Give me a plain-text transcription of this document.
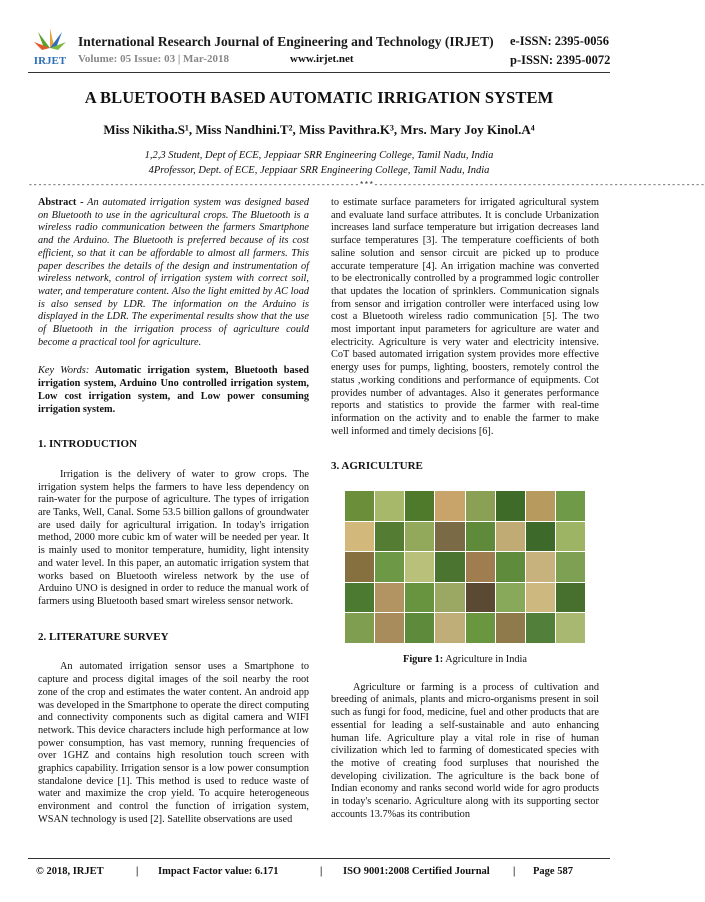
IRJET
International Research Journal of Engineering and Technology (IRJET) e-ISSN: 2395-0056
Volume: 05 Issue: 03 | Mar-2018	www.irjet.net	p-ISSN: 2395-0072
A BLUETOOTH BASED AUTOMATIC IRRIGATION SYSTEM
Miss Nikitha.S¹, Miss Nandhini.T², Miss Pavithra.K³, Mrs. Mary Joy Kinol.A⁴
1,2,3 Student, Dept of ECE, Jeppiaar SRR Engineering College, Tamil Nadu, India
4Professor, Dept. of ECE, Jeppiaar SRR Engineering College, Tamil Nadu, India
---------------------------------------------------------------------***---------------------------------------------------------------------

Abstract - An automated irrigation system was designed based on Bluetooth to use in the agricultural crops. The Bluetooth is a wireless radio communication between the farmers Smartphone and the Arduino. The Bluetooth is preferred because of its cost efficient, so that it can be affordable to almost all farmers. This paper describes the details of the design and instrumentation of wireless network, control of irrigation system with correct soil, water, and temperature content. Also the light emitted by AC load is also sensed by LDR. The information on the Arduino is displayed in the LDR. The experimental results show that the use of Bluetooth in the irrigation process of agriculture could become a practical tool for agriculture.

Key Words: Automatic irrigation system, Bluetooth based irrigation system, Arduino Uno controlled irrigation system, Low cost irrigation system, and Low power consuming irrigation system.

1. INTRODUCTION

Irrigation is the delivery of water to grow crops. The irrigation system helps the farmers to have less dependency on rain-water for the purpose of agriculture. The types of irrigation are Tanks, Well, Canal. Some 53.5 billion gallons of groundwater are used daily for agricultural irrigation. In today's irrigation method, 2000 more cubic km of water will be needed per year. It is mainly used to monitor temperature, humidity, light intensity and water level. In this paper, an automatic irrigation system that works based on Bluetooth wireless network by the use of Arduino UNO is designed in order to reduce the manual work of farmers using Bluetooth based smart wireless sensor network.

2. LITERATURE SURVEY

An automated irrigation sensor uses a Smartphone to capture and process digital images of the soil nearby the root zone of the crop and estimates the water content. An android app was developed in the Smartphone to operate the direct computing and connectivity components such as digital camera and WIFI network. This device characters include high performance at low power consumption, has vast memory, running frequencies of over 1GHZ and contains high resolution touch screen with graphics capability. Irrigation sensor is a low power consumption standalone device [1]. This method is used to reduce waste of water and maximize the crop yield. To acquire heterogeneous environment and control the function of irrigation system, WSAN technology is used [2]. Satellite observations are used

to estimate surface parameters for irrigated agricultural system and evaluate land surface attributes. It is conclude Urbanization increases land surface temperature but irrigation decreases land surface temperatures [3]. The temperature coefficients of both saline solution and sensor circuit are picked up to produce accurate temperature [4]. An irrigation machine was converted to be electronically controlled by a programmed logic controller that updates the location of sprinklers. Communication signals from sensor and irrigation controller were interfaced using low cost a Bluetooth wireless radio communication [5]. The two most important input parameters for agriculture are water and electricity. Agriculture is very water and electricity intensive. CoT based automated irrigation system provides more effective energy uses for pumps, lighting, boosters, remotely control the status ,working conditions and performance of equipments. Cot provides number of advantages. Also it generates performance reports and statistics to provide the farmer with real-time information on the activity and to enable the farmer to make well informed and timely decisions [6].

3. AGRICULTURE

Figure 1: Agriculture in India

Agriculture or farming is a process of cultivation and breeding of animals, plants and micro-organisms present in soil such as fungi for food, medicine, fuel and other products that are essential for leading a self-sustainable and auto enhancing human life. Agriculture play a vital role in rise of human civilization which led to farming of domesticated species with the motive of creating food surpluses that nourished the developing civilization. The agriculture is the back bone of Indian economy and ranks second world wide for agro products in today's scenario. Agriculture along with its supporting sector accounts 13.7%as its contribution

© 2018, IRJET	| Impact Factor value: 6.171	| ISO 9001:2008 Certified Journal | Page 587
